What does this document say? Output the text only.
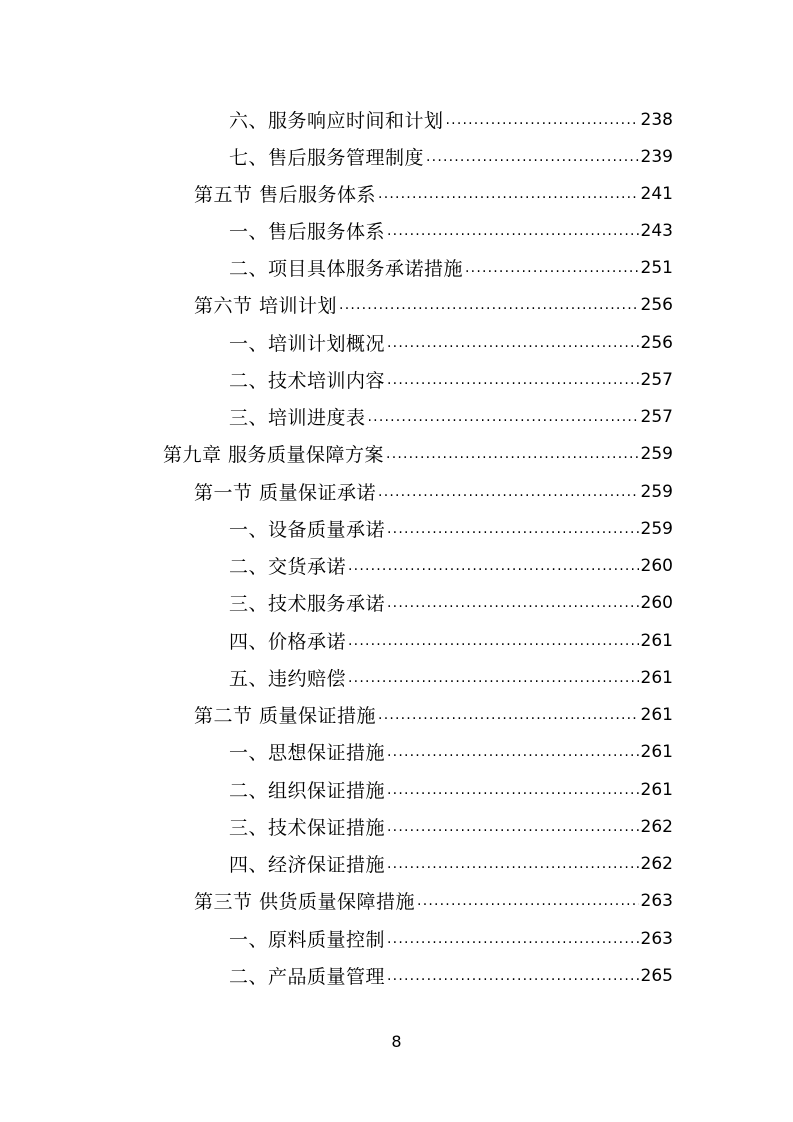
六、服务响应时间和计划 .....	238
七、售后服务管理制度 .....	239
第五节 售后服务体系 .....	241
一、售后服务体系 .....	243
二、项目具体服务承诺措施 .....	251
第六节 培训计划 .....	256
一、培训计划概况 .....	256
二、技术培训内容 .....	257
三、培训进度表 .....	257
第九章 服务质量保障方案 .....	259
第一节 质量保证承诺 .....	259
一、设备质量承诺 .....	259
二、交货承诺 .....	260
三、技术服务承诺 .....	260
四、价格承诺 .....	261
五、违约赔偿 .....	261
第二节 质量保证措施 .....	261
一、思想保证措施 .....	261
二、组织保证措施 .....	261
三、技术保证措施 .....	262
四、经济保证措施 .....	262
第三节 供货质量保障措施 .....	263
一、原料质量控制 .....	263
二、产品质量管理 .....	265
8
